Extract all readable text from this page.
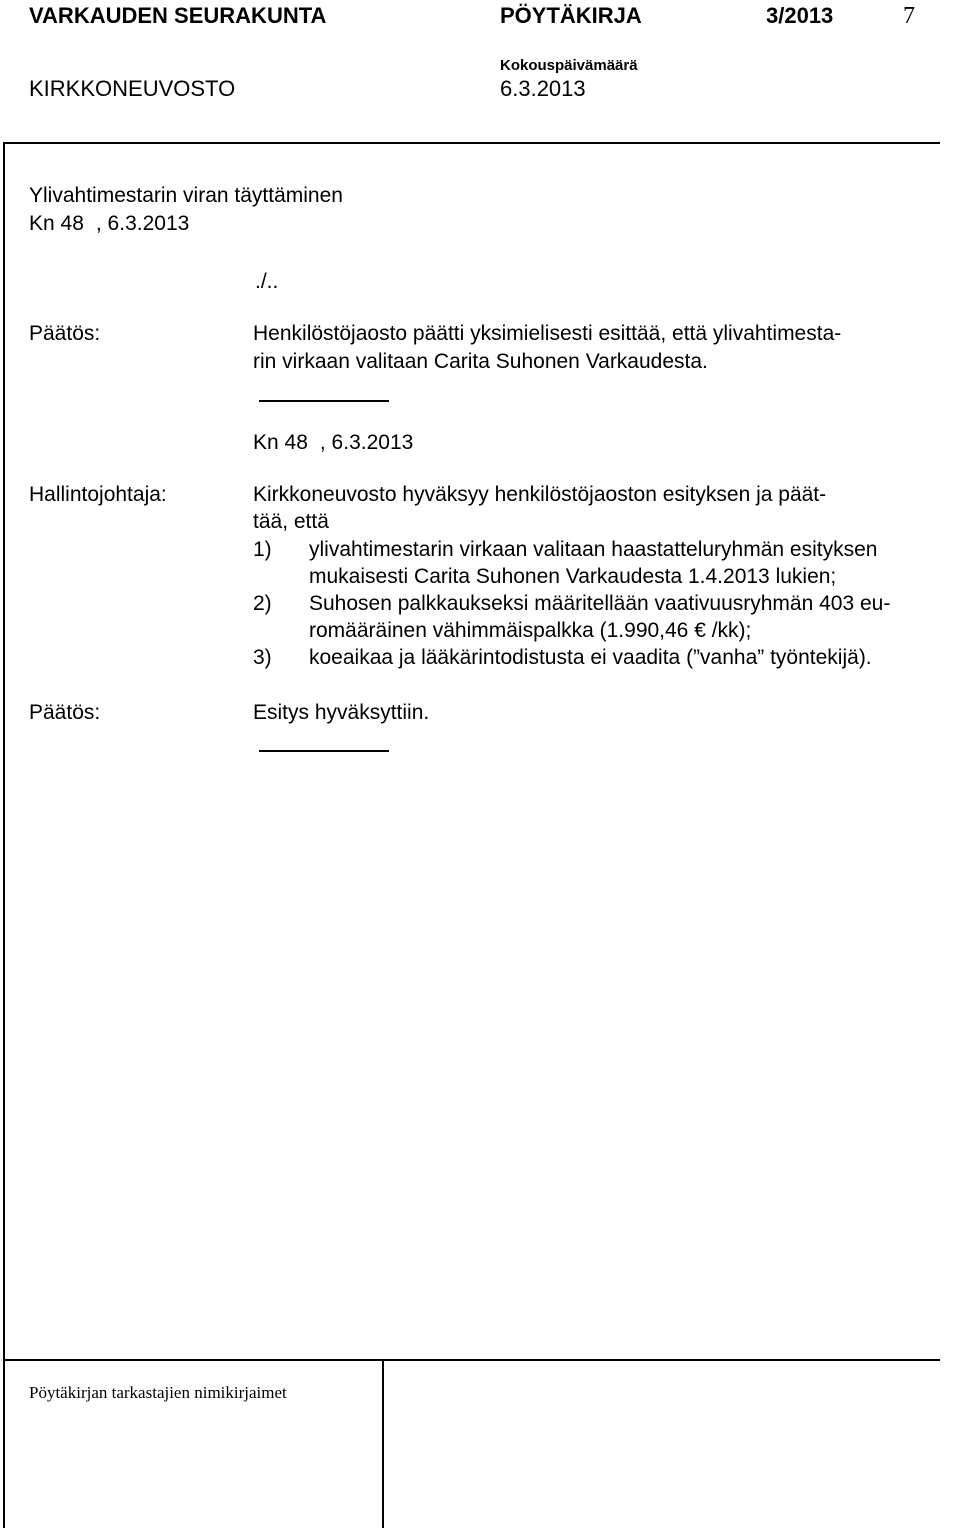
VARKAUDEN SEURAKUNTA	PÖYTÄKIRJA	3/2013	7
KIRKKONEUVOSTO
Kokouspäivämäärä
6.3.2013
Ylivahtimestarin viran täyttäminen
Kn 48 , 6.3.2013
./..
Päätös:	Henkilöstöjaosto päätti yksimielisesti esittää, että ylivahtimesta-
rin virkaan valitaan Carita Suhonen Varkaudesta.
Kn 48 , 6.3.2013
Hallintojohtaja:	Kirkkoneuvosto hyväksyy henkilöstöjaoston esityksen ja päät-
tää, että
1) ylivahtimestarin virkaan valitaan haastatteluryhmän esityksen
mukaisesti Carita Suhonen Varkaudesta 1.4.2013 lukien;
2) Suhosen palkkaukseksi määritellään vaativuusryhmän 403 eu-
romääräinen vähimmäispalkka (1.990,46 € /kk);
3) koeaikaa ja lääkärintodistusta ei vaadita (”vanha” työntekijä).
Päätös:	Esitys hyväksyttiin.
Pöytäkirjan tarkastajien nimikirjaimet
